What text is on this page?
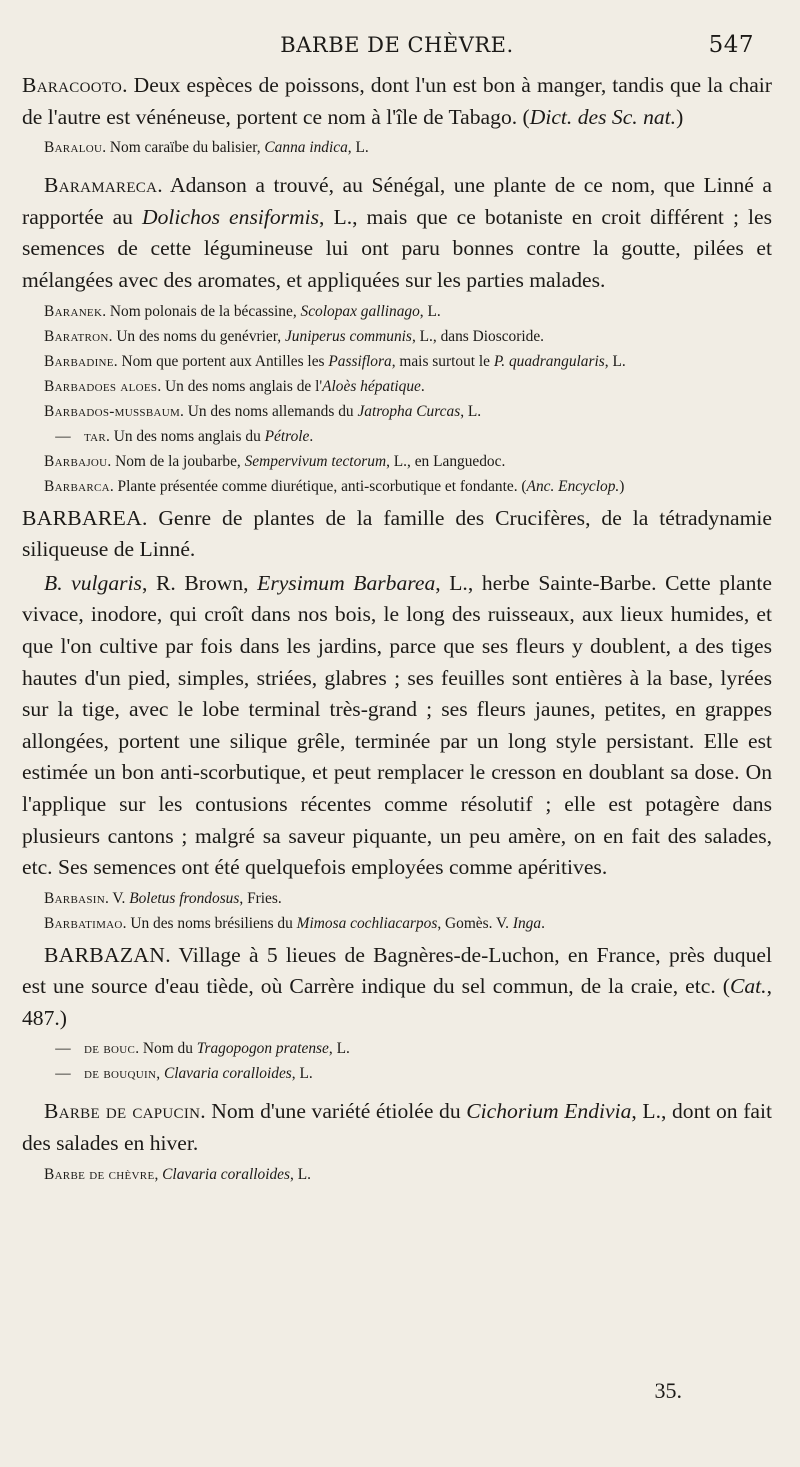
BARBE DE CHÈVRE.	547

Baracooto. Deux espèces de poissons, dont l'un est bon à manger, tandis que la chair de l'autre est vénéneuse, portent ce nom à l'île de Tabago. (Dict. des Sc. nat.)

Baralou. Nom caraïbe du balisier, Canna indica, L.

Baramareca. Adanson a trouvé, au Sénégal, une plante de ce nom, que Linné a rapportée au Dolichos ensiformis, L., mais que ce botaniste en croit différent ; les semences de cette légumineuse lui ont paru bonnes contre la goutte, pilées et mélangées avec des aromates, et appliquées sur les parties malades.

Baranek. Nom polonais de la bécassine, Scolopax gallinago, L.

Baratron. Un des noms du genévrier, Juniperus communis, L., dans Dioscoride.

Barbadine. Nom que portent aux Antilles les Passiflora, mais surtout le P. quadrangularis, L.

Barbadoes aloes. Un des noms anglais de l'Aloès hépatique.

Barbados-mussbaum. Un des noms allemands du Jatropha Curcas, L.

— tar. Un des noms anglais du Pétrole.

Barbajou. Nom de la joubarbe, Sempervivum tectorum, L., en Languedoc.

Barbarca. Plante présentée comme diurétique, anti-scorbutique et fondante. (Anc. Encyclop.)

BARBAREA. Genre de plantes de la famille des Crucifères, de la tétradynamie siliqueuse de Linné.

B. vulgaris, R. Brown, Erysimum Barbarea, L., herbe Sainte-Barbe. Cette plante vivace, inodore, qui croît dans nos bois, le long des ruisseaux, aux lieux humides, et que l'on cultive par fois dans les jardins, parce que ses fleurs y doublent, a des tiges hautes d'un pied, simples, striées, glabres ; ses feuilles sont entières à la base, lyrées sur la tige, avec le lobe terminal très-grand ; ses fleurs jaunes, petites, en grappes allongées, portent une silique grêle, terminée par un long style persistant. Elle est estimée un bon anti-scorbutique, et peut remplacer le cresson en doublant sa dose. On l'applique sur les contusions récentes comme résolutif ; elle est potagère dans plusieurs cantons ; malgré sa saveur piquante, un peu amère, on en fait des salades, etc. Ses semences ont été quelquefois employées comme apéritives.

Barbasin. V. Boletus frondosus, Fries.

Barbatimao. Un des noms brésiliens du Mimosa cochliacarpos, Gomès. V. Inga.

BARBAZAN. Village à 5 lieues de Bagnères-de-Luchon, en France, près duquel est une source d'eau tiède, où Carrère indique du sel commun, de la craie, etc. (Cat., 487.)

— de bouc. Nom du Tragopogon pratense, L.

— de bouquin, Clavaria coralloides, L.

Barbe de capucin. Nom d'une variété étiolée du Cichorium Endivia, L., dont on fait des salades en hiver.

Barbe de chèvre, Clavaria coralloides, L.

35.
